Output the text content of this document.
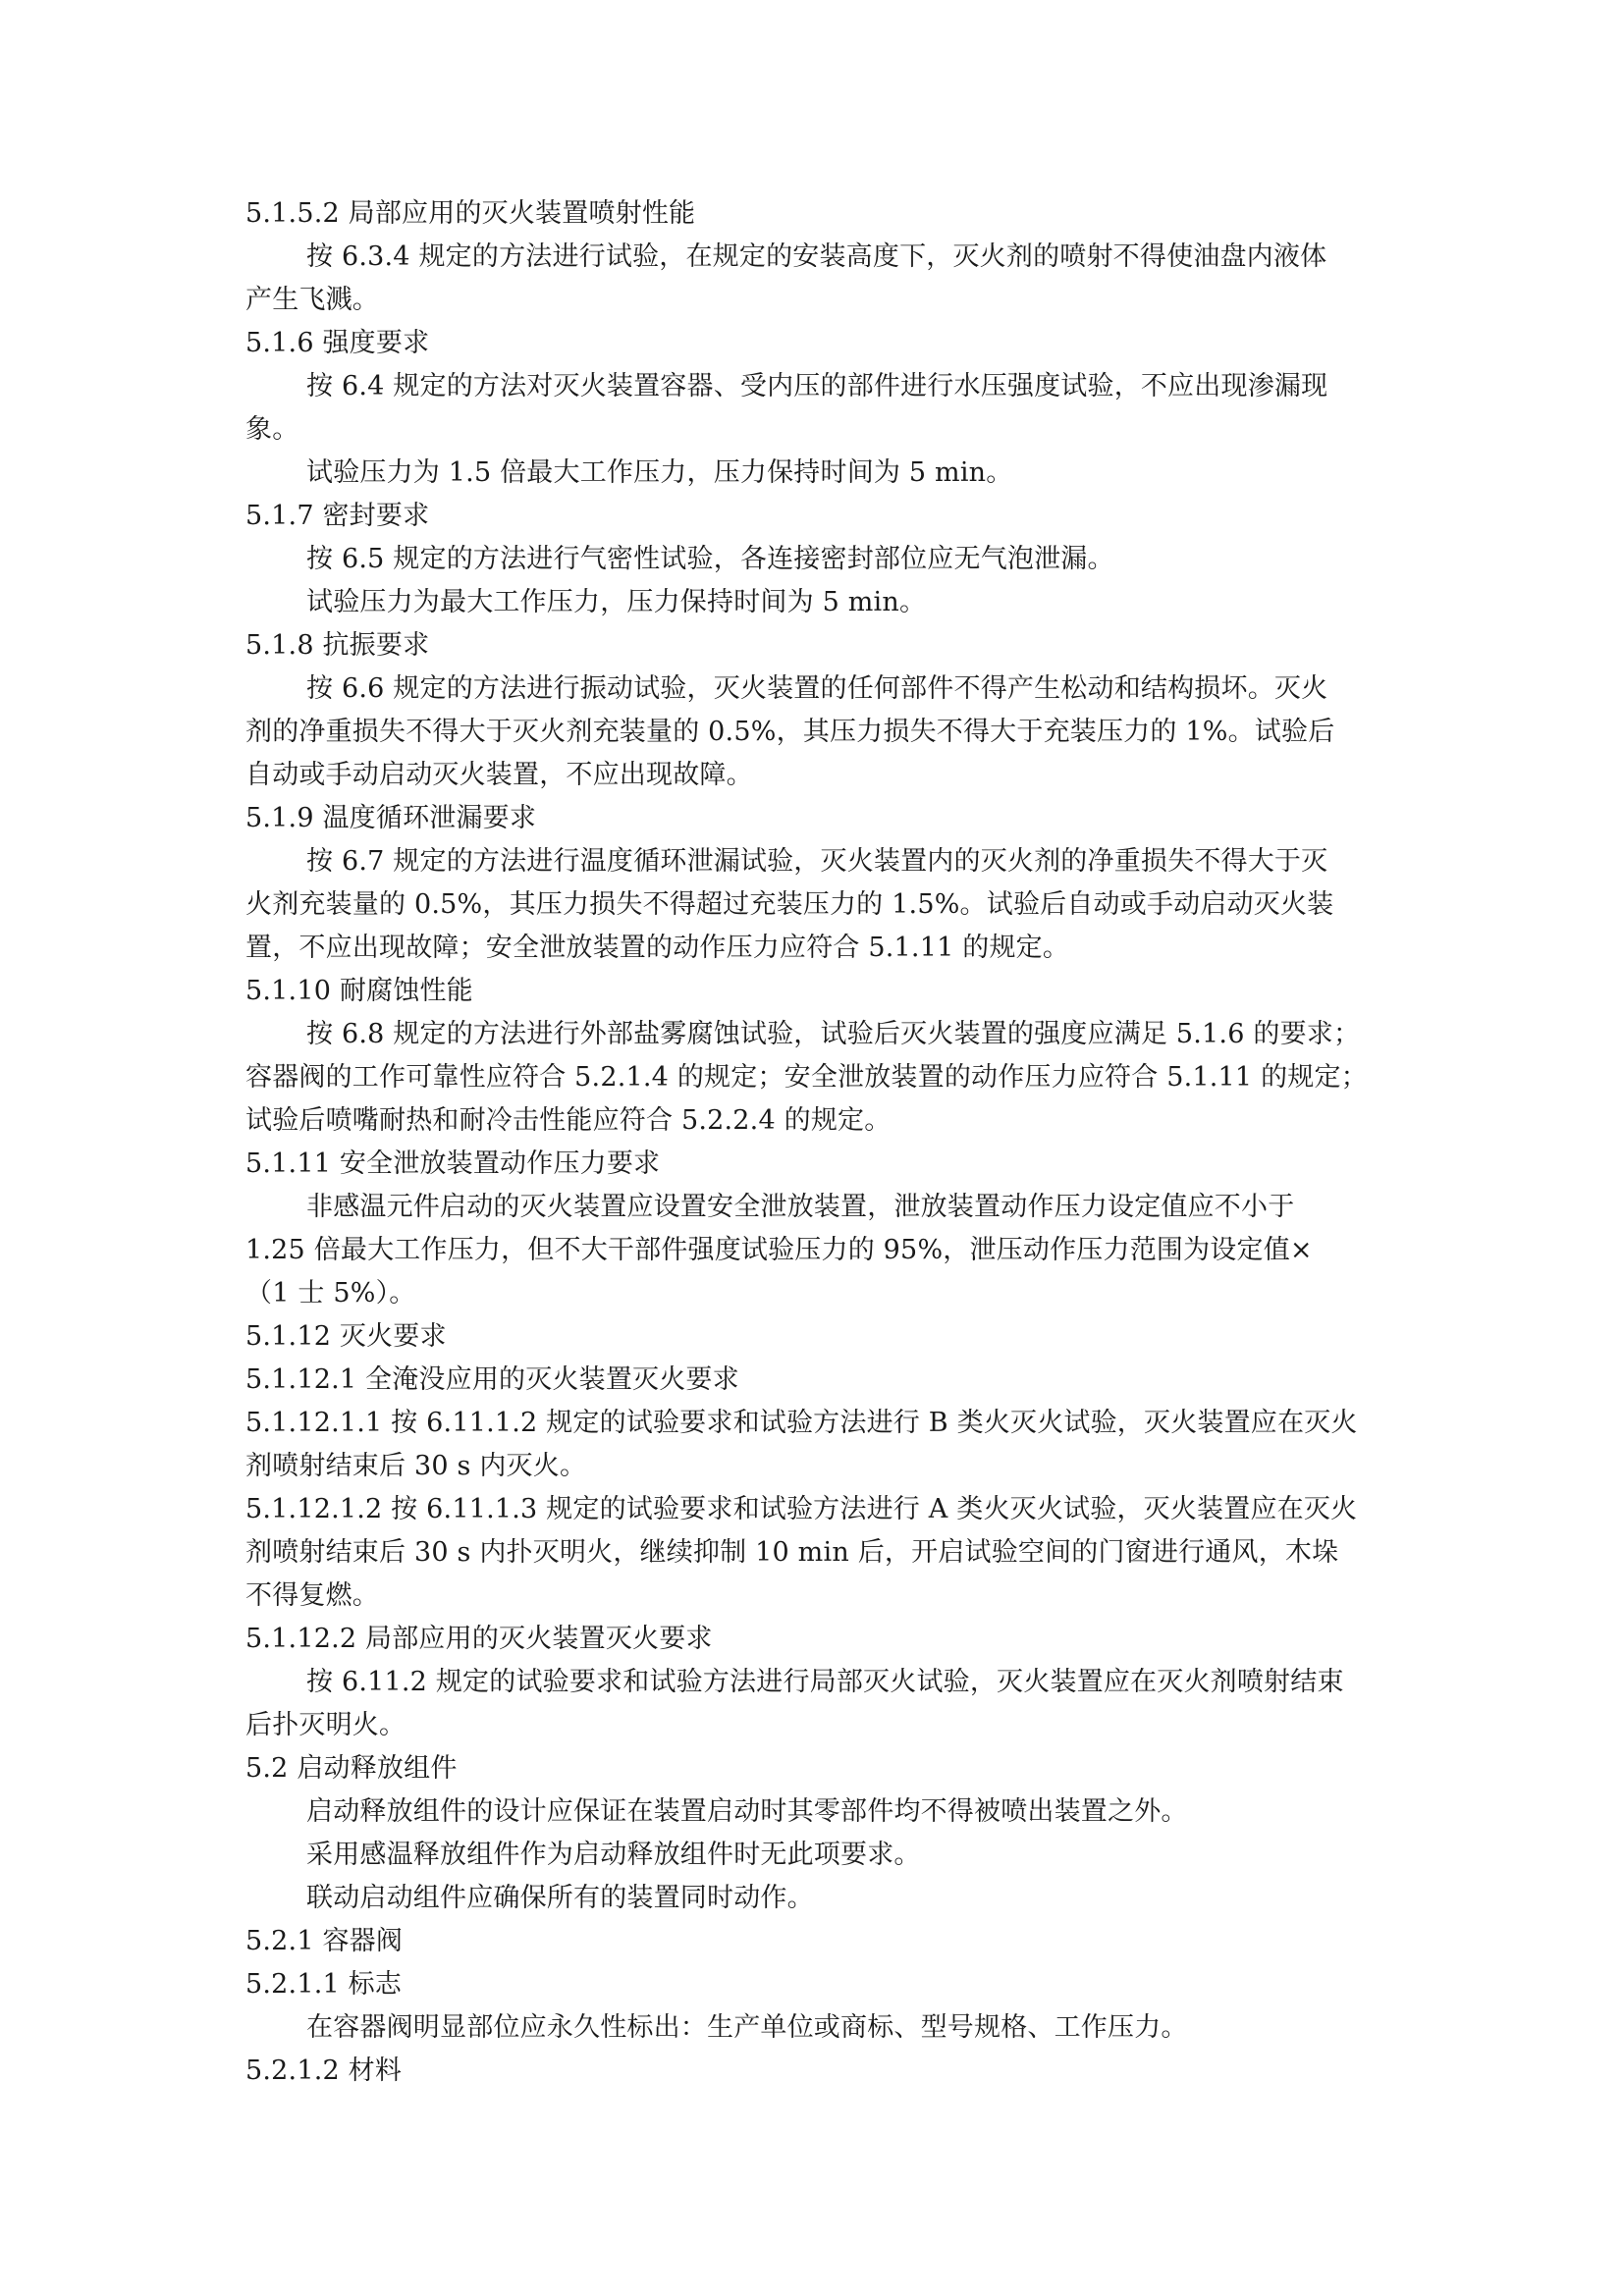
5.1.5.2 局部应用的灭火装置喷射性能
按 6.3.4 规定的方法进行试验，在规定的安装高度下，灭火剂的喷射不得使油盘内液体
产生飞溅。
5.1.6 强度要求
按 6.4 规定的方法对灭火装置容器、受内压的部件进行水压强度试验，不应出现渗漏现
象。
试验压力为 1.5 倍最大工作压力，压力保持时间为 5 min。
5.1.7 密封要求
按 6.5 规定的方法进行气密性试验，各连接密封部位应无气泡泄漏。
试验压力为最大工作压力，压力保持时间为 5 min。
5.1.8 抗振要求
按 6.6 规定的方法进行振动试验，灭火装置的任何部件不得产生松动和结构损坏。灭火
剂的净重损失不得大于灭火剂充装量的 0.5%，其压力损失不得大于充装压力的 1%。试验后
自动或手动启动灭火装置，不应出现故障。
5.1.9 温度循环泄漏要求
按 6.7 规定的方法进行温度循环泄漏试验，灭火装置内的灭火剂的净重损失不得大于灭
火剂充装量的 0.5%，其压力损失不得超过充装压力的 1.5%。试验后自动或手动启动灭火装
置，不应出现故障；安全泄放装置的动作压力应符合 5.1.11 的规定。
5.1.10 耐腐蚀性能
按 6.8 规定的方法进行外部盐雾腐蚀试验，试验后灭火装置的强度应满足 5.1.6 的要求；
容器阀的工作可靠性应符合 5.2.1.4 的规定；安全泄放装置的动作压力应符合 5.1.11 的规定；
试验后喷嘴耐热和耐冷击性能应符合 5.2.2.4 的规定。
5.1.11 安全泄放装置动作压力要求
非感温元件启动的灭火装置应设置安全泄放装置，泄放装置动作压力设定值应不小于
1.25 倍最大工作压力，但不大干部件强度试验压力的 95%，泄压动作压力范围为设定值×
（1 士 5%）。
5.1.12 灭火要求
5.1.12.1 全淹没应用的灭火装置灭火要求
5.1.12.1.1 按 6.11.1.2 规定的试验要求和试验方法进行 B 类火灭火试验，灭火装置应在灭火
剂喷射结束后 30 s 内灭火。
5.1.12.1.2 按 6.11.1.3 规定的试验要求和试验方法进行 A 类火灭火试验，灭火装置应在灭火
剂喷射结束后 30 s 内扑灭明火，继续抑制 10 min 后，开启试验空间的门窗进行通风，木垛
不得复燃。
5.1.12.2 局部应用的灭火装置灭火要求
按 6.11.2 规定的试验要求和试验方法进行局部灭火试验，灭火装置应在灭火剂喷射结束
后扑灭明火。
5.2 启动释放组件
启动释放组件的设计应保证在装置启动时其零部件均不得被喷出装置之外。
采用感温释放组件作为启动释放组件时无此项要求。
联动启动组件应确保所有的装置同时动作。
5.2.1 容器阀
5.2.1.1 标志
在容器阀明显部位应永久性标出：生产单位或商标、型号规格、工作压力。
5.2.1.2 材料
